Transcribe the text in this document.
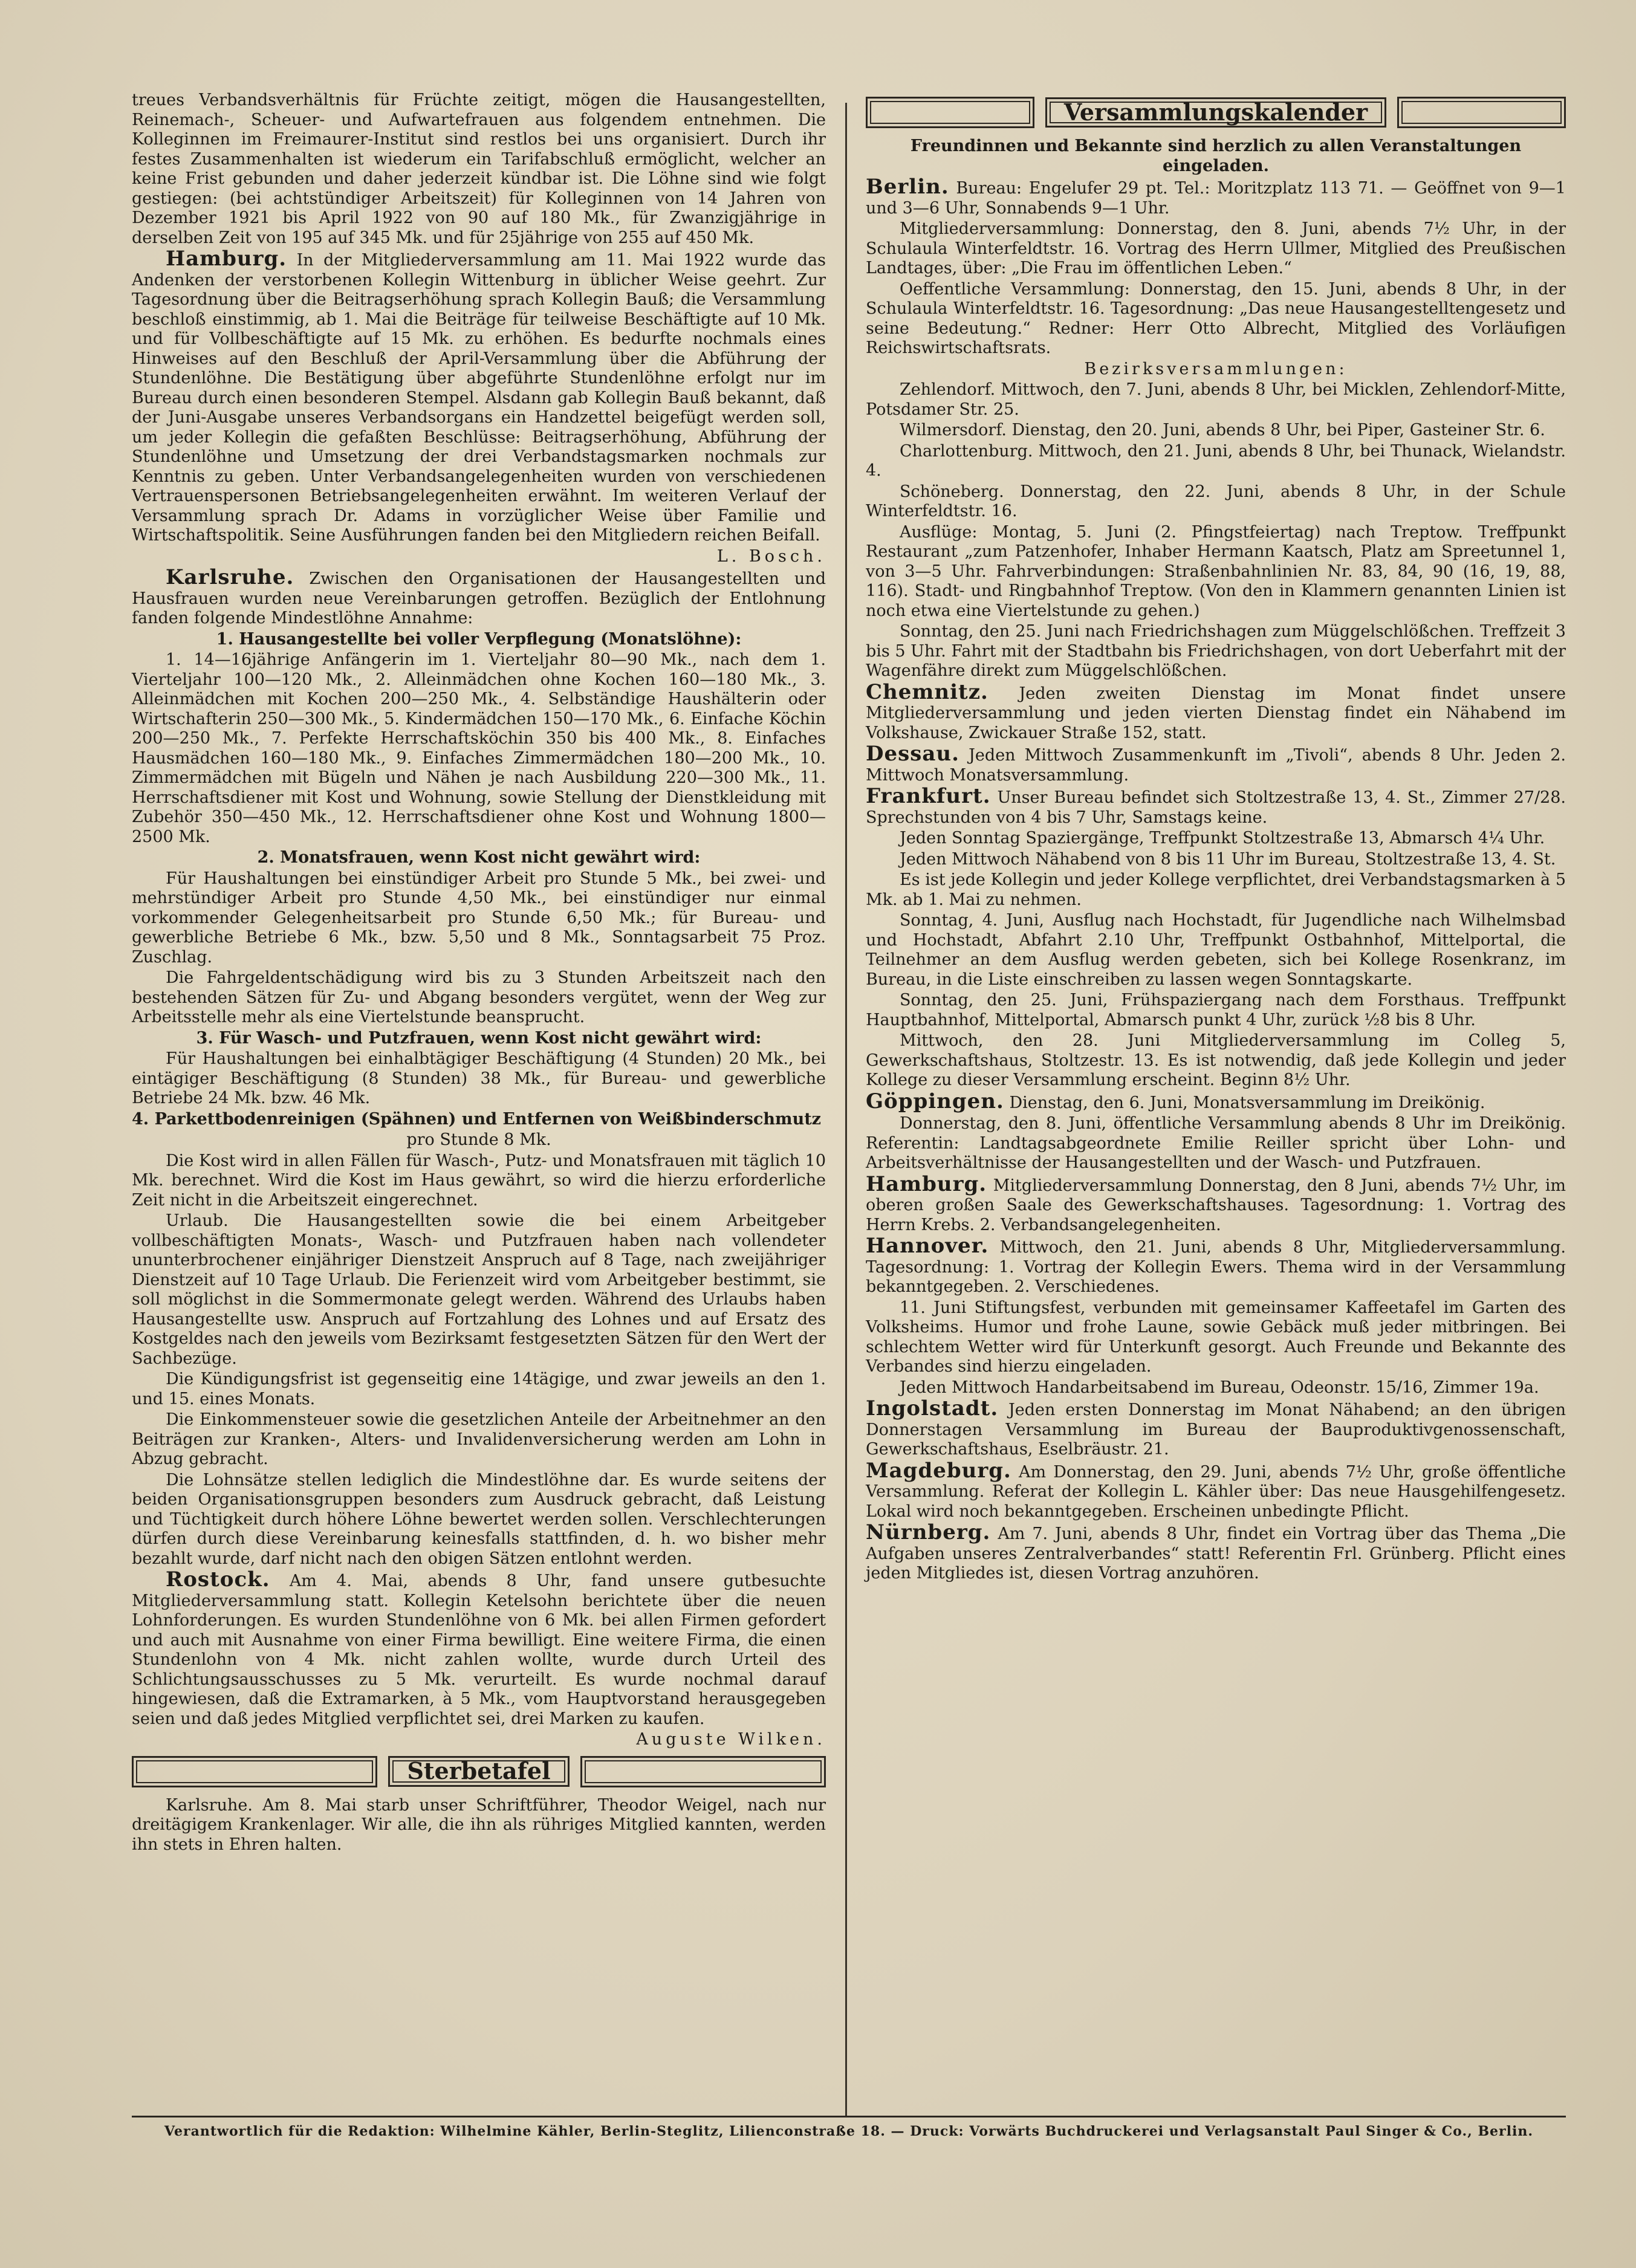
treues Verbandsverhältnis für Früchte zeitigt, mögen die Hausangestellten, Reinemach-, Scheuer- und Aufwartefrauen aus folgendem entnehmen. Die Kolleginnen im Freimaurer-Institut sind restlos bei uns organisiert. Durch ihr festes Zusammenhalten ist wiederum ein Tarifabschluß ermöglicht, welcher an keine Frist gebunden und daher jederzeit kündbar ist. Die Löhne sind wie folgt gestiegen: (bei achtstündiger Arbeitszeit) für Kolleginnen von 14 Jahren von Dezember 1921 bis April 1922 von 90 auf 180 Mk., für Zwanzigjährige in derselben Zeit von 195 auf 345 Mk. und für 25jährige von 255 auf 450 Mk.

Hamburg. In der Mitgliederversammlung am 11. Mai 1922 wurde das Andenken der verstorbenen Kollegin Wittenburg in üblicher Weise geehrt. Zur Tagesordnung über die Beitragserhöhung sprach Kollegin Bauß; die Versammlung beschloß einstimmig, ab 1. Mai die Beiträge für teilweise Beschäftigte auf 10 Mk. und für Vollbeschäftigte auf 15 Mk. zu erhöhen. Es bedurfte nochmals eines Hinweises auf den Beschluß der April-Versammlung über die Abführung der Stundenlöhne. Die Bestätigung über abgeführte Stundenlöhne erfolgt nur im Bureau durch einen besonderen Stempel. Alsdann gab Kollegin Bauß bekannt, daß der Juni-Ausgabe unseres Verbandsorgans ein Handzettel beigefügt werden soll, um jeder Kollegin die gefaßten Beschlüsse: Beitragserhöhung, Abführung der Stundenlöhne und Umsetzung der drei Verbandstagsmarken nochmals zur Kenntnis zu geben. Unter Verbandsangelegenheiten wurden von verschiedenen Vertrauenspersonen Betriebsangelegenheiten erwähnt. Im weiteren Verlauf der Versammlung sprach Dr. Adams in vorzüglicher Weise über Familie und Wirtschaftspolitik. Seine Ausführungen fanden bei den Mitgliedern reichen Beifall.

L. Bosch.

Karlsruhe. Zwischen den Organisationen der Hausangestellten und Hausfrauen wurden neue Vereinbarungen getroffen. Bezüglich der Entlohnung fanden folgende Mindestlöhne Annahme:

1. Hausangestellte bei voller Verpflegung (Monatslöhne):

1. 14—16jährige Anfängerin im 1. Vierteljahr 80—90 Mk., nach dem 1. Vierteljahr 100—120 Mk., 2. Alleinmädchen ohne Kochen 160—180 Mk., 3. Alleinmädchen mit Kochen 200—250 Mk., 4. Selbständige Haushälterin oder Wirtschafterin 250—300 Mk., 5. Kindermädchen 150—170 Mk., 6. Einfache Köchin 200—250 Mk., 7. Perfekte Herrschaftsköchin 350 bis 400 Mk., 8. Einfaches Hausmädchen 160—180 Mk., 9. Einfaches Zimmermädchen 180—200 Mk., 10. Zimmermädchen mit Bügeln und Nähen je nach Ausbildung 220—300 Mk., 11. Herrschaftsdiener mit Kost und Wohnung, sowie Stellung der Dienstkleidung mit Zubehör 350—450 Mk., 12. Herrschaftsdiener ohne Kost und Wohnung 1800—2500 Mk.

2. Monatsfrauen, wenn Kost nicht gewährt wird:

Für Haushaltungen bei einstündiger Arbeit pro Stunde 5 Mk., bei zwei- und mehrstündiger Arbeit pro Stunde 4,50 Mk., bei einstündiger nur einmal vorkommender Gelegenheitsarbeit pro Stunde 6,50 Mk.; für Bureau- und gewerbliche Betriebe 6 Mk., bzw. 5,50 und 8 Mk., Sonntagsarbeit 75 Proz. Zuschlag.

Die Fahrgeldentschädigung wird bis zu 3 Stunden Arbeitszeit nach den bestehenden Sätzen für Zu- und Abgang besonders vergütet, wenn der Weg zur Arbeitsstelle mehr als eine Viertelstunde beansprucht.

3. Für Wasch- und Putzfrauen, wenn Kost nicht gewährt wird:

Für Haushaltungen bei einhalbtägiger Beschäftigung (4 Stunden) 20 Mk., bei eintägiger Beschäftigung (8 Stunden) 38 Mk., für Bureau- und gewerbliche Betriebe 24 Mk. bzw. 46 Mk.

4. Parkettbodenreinigen (Spähnen) und Entfernen von Weißbinderschmutz

pro Stunde 8 Mk.

Die Kost wird in allen Fällen für Wasch-, Putz- und Monatsfrauen mit täglich 10 Mk. berechnet. Wird die Kost im Haus gewährt, so wird die hierzu erforderliche Zeit nicht in die Arbeitszeit eingerechnet.

Urlaub. Die Hausangestellten sowie die bei einem Arbeitgeber vollbeschäftigten Monats-, Wasch- und Putzfrauen haben nach vollendeter ununterbrochener einjähriger Dienstzeit Anspruch auf 8 Tage, nach zweijähriger Dienstzeit auf 10 Tage Urlaub. Die Ferienzeit wird vom Arbeitgeber bestimmt, sie soll möglichst in die Sommermonate gelegt werden. Während des Urlaubs haben Hausangestellte usw. Anspruch auf Fortzahlung des Lohnes und auf Ersatz des Kostgeldes nach den jeweils vom Bezirksamt festgesetzten Sätzen für den Wert der Sachbezüge.

Die Kündigungsfrist ist gegenseitig eine 14tägige, und zwar jeweils an den 1. und 15. eines Monats.

Die Einkommensteuer sowie die gesetzlichen Anteile der Arbeitnehmer an den Beiträgen zur Kranken-, Alters- und Invalidenversicherung werden am Lohn in Abzug gebracht.

Die Lohnsätze stellen lediglich die Mindestlöhne dar. Es wurde seitens der beiden Organisationsgruppen besonders zum Ausdruck gebracht, daß Leistung und Tüchtigkeit durch höhere Löhne bewertet werden sollen. Verschlechterungen dürfen durch diese Vereinbarung keinesfalls stattfinden, d. h. wo bisher mehr bezahlt wurde, darf nicht nach den obigen Sätzen entlohnt werden.

Rostock. Am 4. Mai, abends 8 Uhr, fand unsere gutbesuchte Mitgliederversammlung statt. Kollegin Ketelsohn berichtete über die neuen Lohnforderungen. Es wurden Stundenlöhne von 6 Mk. bei allen Firmen gefordert und auch mit Ausnahme von einer Firma bewilligt. Eine weitere Firma, die einen Stundenlohn von 4 Mk. nicht zahlen wollte, wurde durch Urteil des Schlichtungsausschusses zu 5 Mk. verurteilt. Es wurde nochmal darauf hingewiesen, daß die Extramarken, à 5 Mk., vom Hauptvorstand herausgegeben seien und daß jedes Mitglied verpflichtet sei, drei Marken zu kaufen.

Auguste Wilken.

Sterbetafel

Karlsruhe. Am 8. Mai starb unser Schriftführer, Theodor Weigel, nach nur dreitägigem Krankenlager. Wir alle, die ihn als rühriges Mitglied kannten, werden ihn stets in Ehren halten.

Versammlungskalender

Freundinnen und Bekannte sind herzlich zu allen Veranstaltungen eingeladen.

Berlin. Bureau: Engelufer 29 pt. Tel.: Moritzplatz 113 71. — Geöffnet von 9—1 und 3—6 Uhr, Sonnabends 9—1 Uhr.

Mitgliederversammlung: Donnerstag, den 8. Juni, abends 7½ Uhr, in der Schulaula Winterfeldtstr. 16. Vortrag des Herrn Ullmer, Mitglied des Preußischen Landtages, über: „Die Frau im öffentlichen Leben.“

Oeffentliche Versammlung: Donnerstag, den 15. Juni, abends 8 Uhr, in der Schulaula Winterfeldtstr. 16. Tagesordnung: „Das neue Hausangestelltengesetz und seine Bedeutung.“ Redner: Herr Otto Albrecht, Mitglied des Vorläufigen Reichswirtschaftsrats.

Bezirksversammlungen:

Zehlendorf. Mittwoch, den 7. Juni, abends 8 Uhr, bei Micklen, Zehlendorf-Mitte, Potsdamer Str. 25.

Wilmersdorf. Dienstag, den 20. Juni, abends 8 Uhr, bei Piper, Gasteiner Str. 6.

Charlottenburg. Mittwoch, den 21. Juni, abends 8 Uhr, bei Thunack, Wielandstr. 4.

Schöneberg. Donnerstag, den 22. Juni, abends 8 Uhr, in der Schule Winterfeldtstr. 16.

Ausflüge: Montag, 5. Juni (2. Pfingstfeiertag) nach Treptow. Treffpunkt Restaurant „zum Patzenhofer, Inhaber Hermann Kaatsch, Platz am Spreetunnel 1, von 3—5 Uhr. Fahrverbindungen: Straßenbahnlinien Nr. 83, 84, 90 (16, 19, 88, 116). Stadt- und Ringbahnhof Treptow. (Von den in Klammern genannten Linien ist noch etwa eine Viertelstunde zu gehen.)

Sonntag, den 25. Juni nach Friedrichshagen zum Müggelschlößchen. Treffzeit 3 bis 5 Uhr. Fahrt mit der Stadtbahn bis Friedrichshagen, von dort Ueberfahrt mit der Wagenfähre direkt zum Müggelschlößchen.

Chemnitz. Jeden zweiten Dienstag im Monat findet unsere Mitgliederversammlung und jeden vierten Dienstag findet ein Nähabend im Volkshause, Zwickauer Straße 152, statt.

Dessau. Jeden Mittwoch Zusammenkunft im „Tivoli“, abends 8 Uhr. Jeden 2. Mittwoch Monatsversammlung.

Frankfurt. Unser Bureau befindet sich Stoltzestraße 13, 4. St., Zimmer 27/28. Sprechstunden von 4 bis 7 Uhr, Samstags keine.

Jeden Sonntag Spaziergänge, Treffpunkt Stoltzestraße 13, Abmarsch 4¼ Uhr.

Jeden Mittwoch Nähabend von 8 bis 11 Uhr im Bureau, Stoltzestraße 13, 4. St.

Es ist jede Kollegin und jeder Kollege verpflichtet, drei Verbandstagsmarken à 5 Mk. ab 1. Mai zu nehmen.

Sonntag, 4. Juni, Ausflug nach Hochstadt, für Jugendliche nach Wilhelmsbad und Hochstadt, Abfahrt 2.10 Uhr, Treffpunkt Ostbahnhof, Mittelportal, die Teilnehmer an dem Ausflug werden gebeten, sich bei Kollege Rosenkranz, im Bureau, in die Liste einschreiben zu lassen wegen Sonntagskarte.

Sonntag, den 25. Juni, Frühspaziergang nach dem Forsthaus. Treffpunkt Hauptbahnhof, Mittelportal, Abmarsch punkt 4 Uhr, zurück ½8 bis 8 Uhr.

Mittwoch, den 28. Juni Mitgliederversammlung im Colleg 5, Gewerkschaftshaus, Stoltzestr. 13. Es ist notwendig, daß jede Kollegin und jeder Kollege zu dieser Versammlung erscheint. Beginn 8½ Uhr.

Göppingen. Dienstag, den 6. Juni, Monatsversammlung im Dreikönig.

Donnerstag, den 8. Juni, öffentliche Versammlung abends 8 Uhr im Dreikönig. Referentin: Landtagsabgeordnete Emilie Reiller spricht über Lohn- und Arbeitsverhältnisse der Hausangestellten und der Wasch- und Putzfrauen.

Hamburg. Mitgliederversammlung Donnerstag, den 8 Juni, abends 7½ Uhr, im oberen großen Saale des Gewerkschaftshauses. Tagesordnung: 1. Vortrag des Herrn Krebs. 2. Verbandsangelegenheiten.

Hannover. Mittwoch, den 21. Juni, abends 8 Uhr, Mitgliederversammlung. Tagesordnung: 1. Vortrag der Kollegin Ewers. Thema wird in der Versammlung bekanntgegeben. 2. Verschiedenes.

11. Juni Stiftungsfest, verbunden mit gemeinsamer Kaffeetafel im Garten des Volksheims. Humor und frohe Laune, sowie Gebäck muß jeder mitbringen. Bei schlechtem Wetter wird für Unterkunft gesorgt. Auch Freunde und Bekannte des Verbandes sind hierzu eingeladen.

Jeden Mittwoch Handarbeitsabend im Bureau, Odeonstr. 15/16, Zimmer 19a.

Ingolstadt. Jeden ersten Donnerstag im Monat Nähabend; an den übrigen Donnerstagen Versammlung im Bureau der Bauproduktivgenossenschaft, Gewerkschaftshaus, Eselbräustr. 21.

Magdeburg. Am Donnerstag, den 29. Juni, abends 7½ Uhr, große öffentliche Versammlung. Referat der Kollegin L. Kähler über: Das neue Hausgehilfengesetz. Lokal wird noch bekanntgegeben. Erscheinen unbedingte Pflicht.

Nürnberg. Am 7. Juni, abends 8 Uhr, findet ein Vortrag über das Thema „Die Aufgaben unseres Zentralverbandes“ statt! Referentin Frl. Grünberg. Pflicht eines jeden Mitgliedes ist, diesen Vortrag anzuhören.

Verantwortlich für die Redaktion: Wilhelmine Kähler, Berlin-Steglitz, Lilienconstraße 18. — Druck: Vorwärts Buchdruckerei und Verlagsanstalt Paul Singer & Co., Berlin.
